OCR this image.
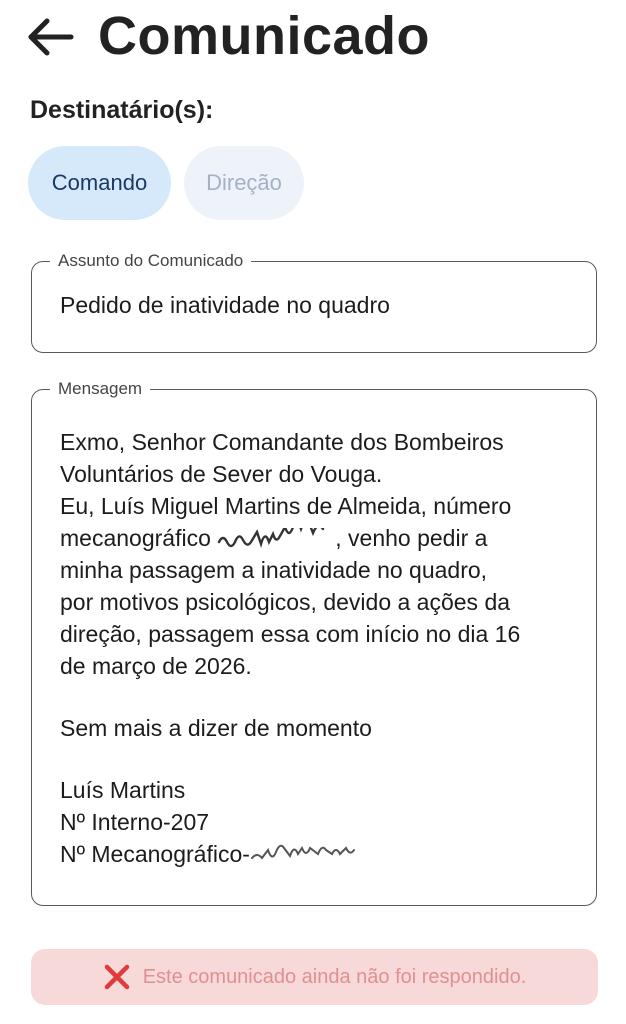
Comunicado
Destinatário(s):
Comando	Direção
Assunto do Comunicado
Pedido de inatividade no quadro
Mensagem

Exmo, Senhor Comandante dos Bombeiros

Voluntários de Sever do Vouga.

Eu, Luís Miguel Martins de Almeida, número

mecanográfico	, venho pedir a

minha passagem a inatividade no quadro,

por motivos psicológicos, devido a ações da

direção, passagem essa com início no dia 16

de março de 2026.

Sem mais a dizer de momento

Luís Martins

Nº Interno-207

Nº Mecanográfico-

Este comunicado ainda não foi respondido.
